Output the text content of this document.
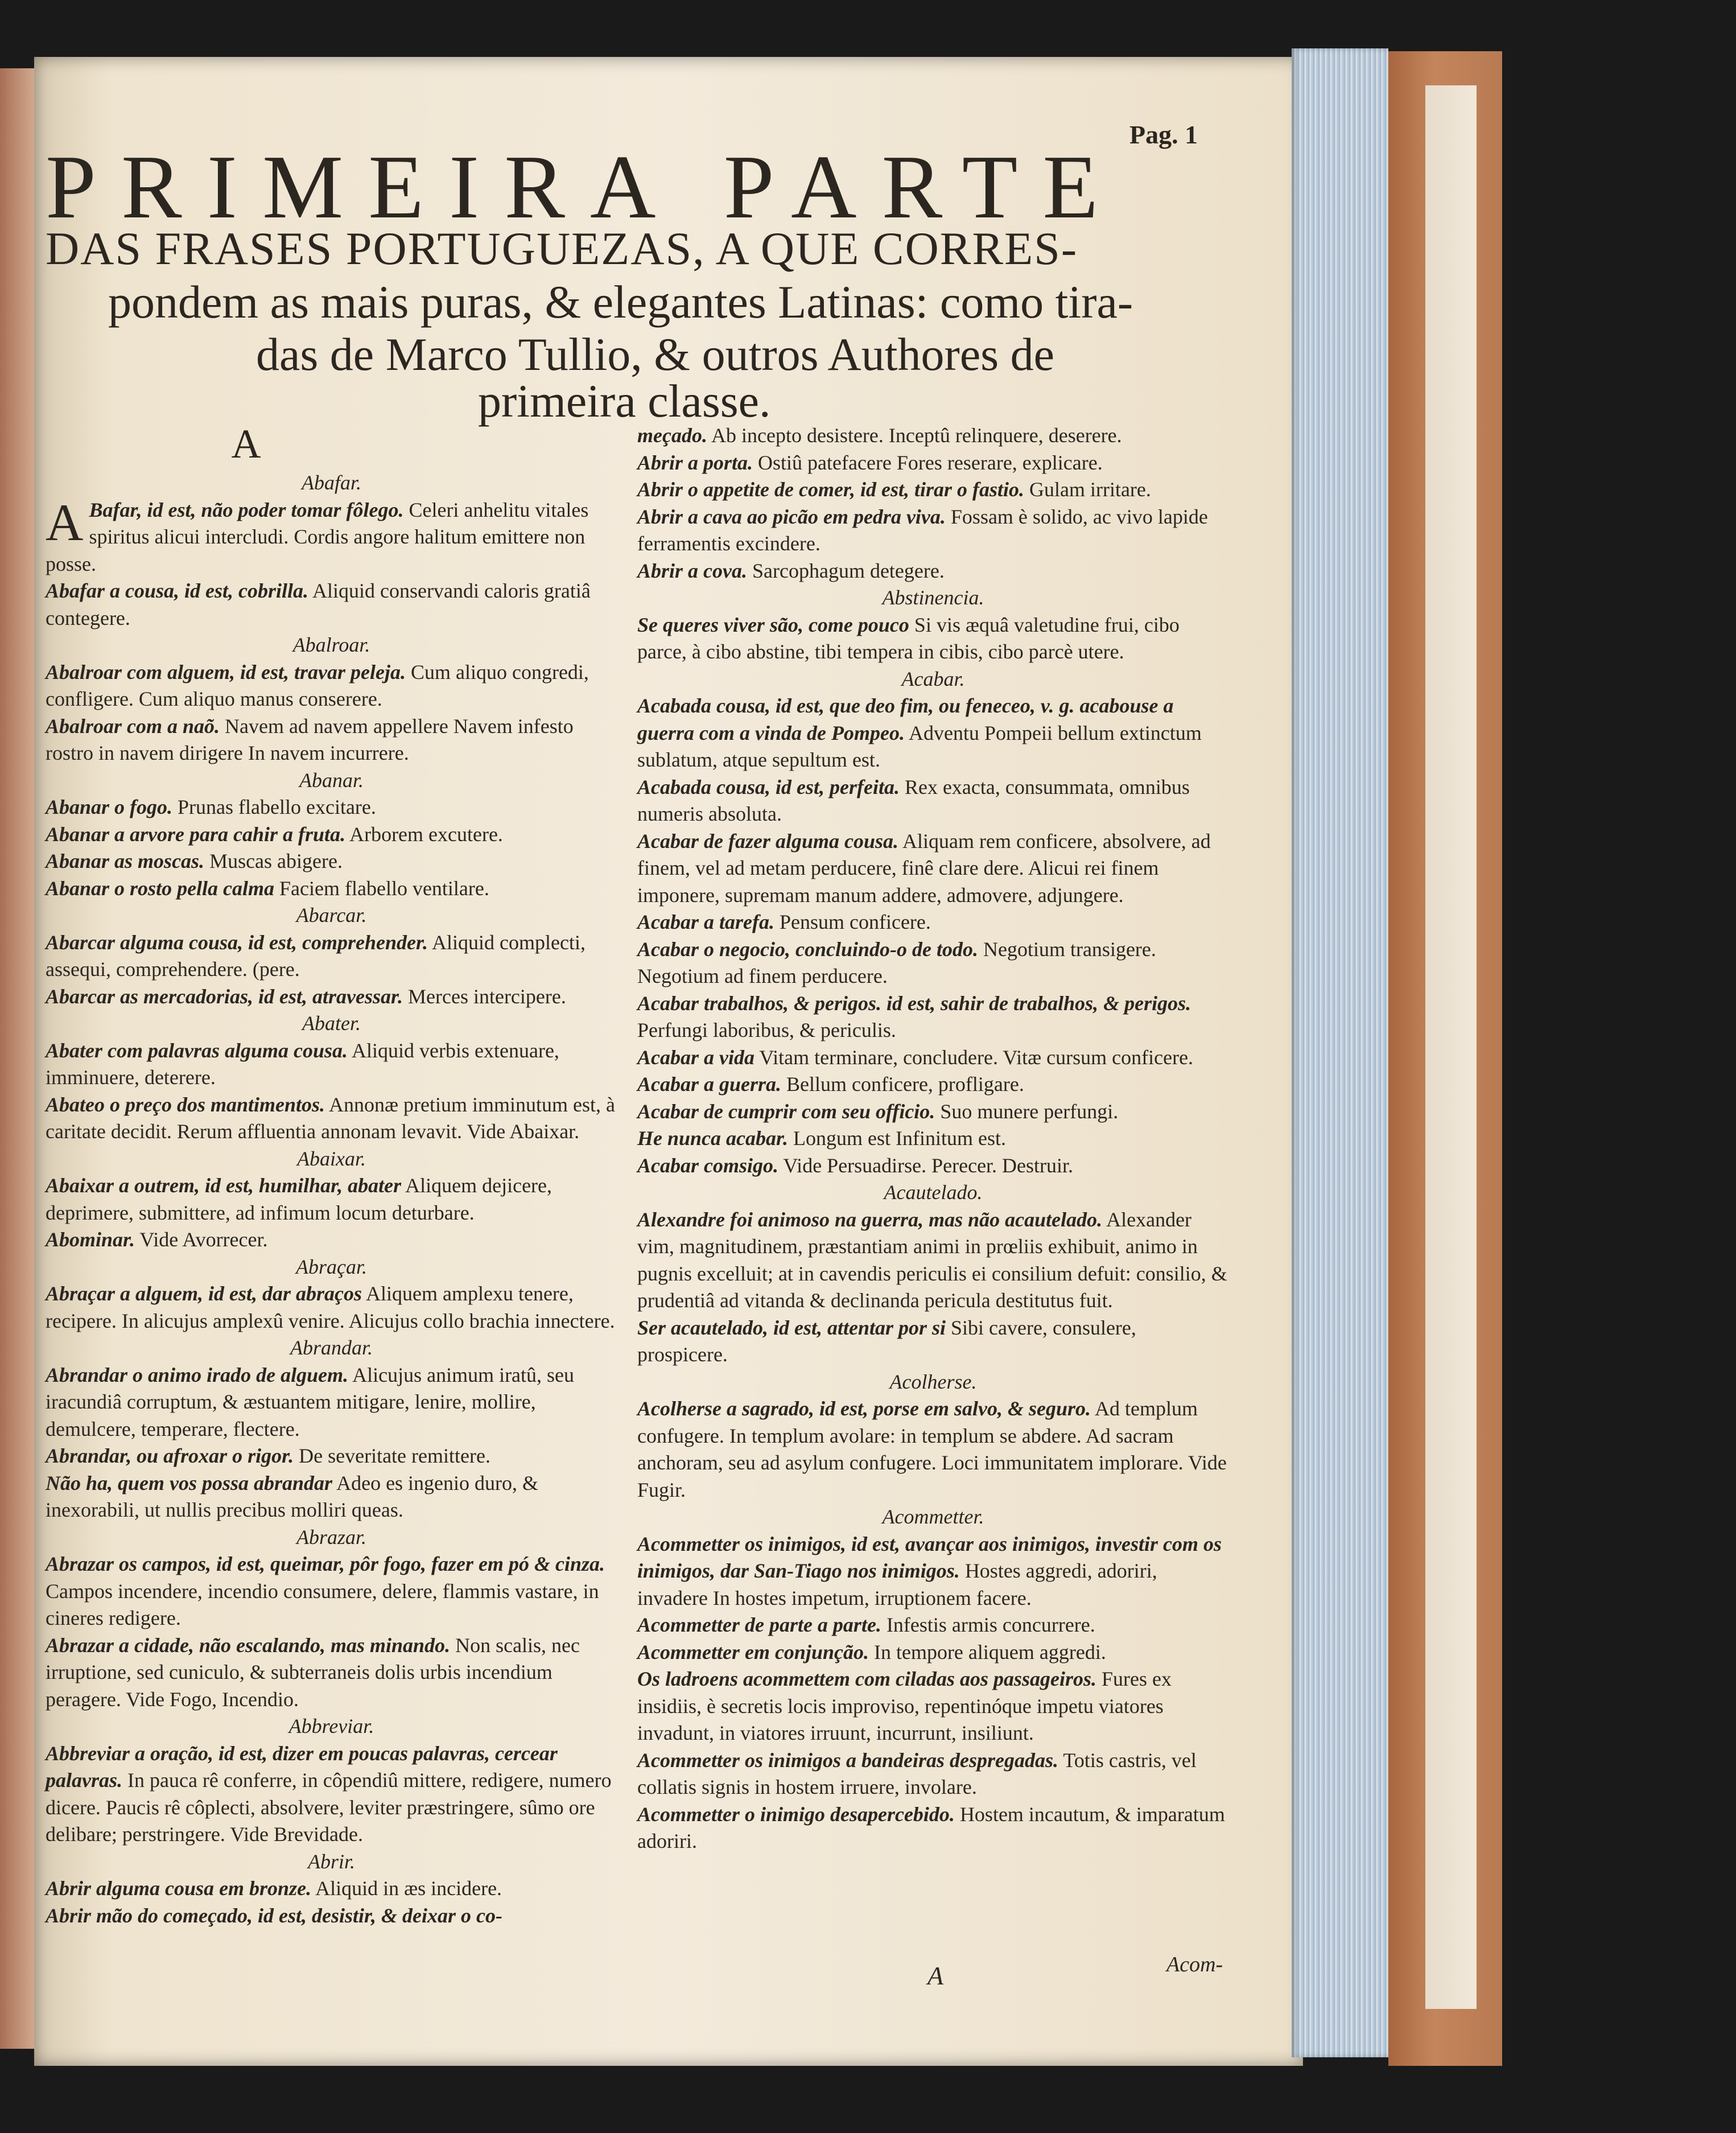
Pag. 1
PRIMEIRA PARTE
DAS FRASES PORTUGUEZAS, A QUE CORRES-
pondem as mais puras, & elegantes Latinas: como tira-
das de Marco Tullio, & outros Authores de
primeira classe.
A
Abafar.
A Bafar, id est, não poder tomar fôlego. Celeri anhelitu vitales spiritus alicui intercludi. Cordis angore halitum emittere non posse.
Abafar a cousa, id est, cobrilla. Aliquid conservandi caloris gratiâ contegere.
Abalroar.
Abalroar com alguem, id est, travar peleja. Cum aliquo congredi, confligere. Cum aliquo manus conserere.
Abalroar com a naõ. Navem ad navem appellere Navem infesto rostro in navem dirigere In navem incurrere.
Abanar.
Abanar o fogo. Prunas flabello excitare.
Abanar a arvore para cahir a fruta. Arborem excutere.
Abanar as moscas. Muscas abigere.
Abanar o rosto pella calma Faciem flabello ventilare.
Abarcar.
Abarcar alguma cousa, id est, comprehender. Aliquid complecti, assequi, comprehendere. (pere.
Abarcar as mercadorias, id est, atravessar. Merces intercipere.
Abater.
Abater com palavras alguma cousa. Aliquid verbis extenuare, imminuere, deterere.
Abateo o preço dos mantimentos. Annonæ pretium imminutum est, à caritate decidit. Rerum affluentia annonam levavit. Vide Abaixar.
Abaixar.
Abaixar a outrem, id est, humilhar, abater Aliquem dejicere, deprimere, submittere, ad infimum locum deturbare.
Abominar. Vide Avorrecer.
Abraçar.
Abraçar a alguem, id est, dar abraços Aliquem amplexu tenere, recipere. In alicujus amplexû venire. Alicujus collo brachia innectere.
Abrandar.
Abrandar o animo irado de alguem. Alicujus animum iratû, seu iracundiâ corruptum, & æstuantem mitigare, lenire, mollire, demulcere, temperare, flectere.
Abrandar, ou afroxar o rigor. De severitate remittere.
Não ha, quem vos possa abrandar Adeo es ingenio duro, & inexorabili, ut nullis precibus molliri queas.
Abrazar.
Abrazar os campos, id est, queimar, pôr fogo, fazer em pó & cinza. Campos incendere, incendio consumere, delere, flammis vastare, in cineres redigere.
Abrazar a cidade, não escalando, mas minando. Non scalis, nec irruptione, sed cuniculo, & subterraneis dolis urbis incendium peragere. Vide Fogo, Incendio.
Abbreviar.
Abbreviar a oração, id est, dizer em poucas palavras, cercear palavras. In pauca rê conferre, in côpendiû mittere, redigere, numero dicere. Paucis rê côplecti, absolvere, leviter præstringere, sûmo ore delibare; perstringere. Vide Brevidade.
Abrir.
Abrir alguma cousa em bronze. Aliquid in æs incidere.
Abrir mão do começado, id est, desistir, & deixar o co-
meçado. Ab incepto desistere. Inceptû relinquere, deserere.
Abrir a porta. Ostiû patefacere Fores reserare, explicare.
Abrir o appetite de comer, id est, tirar o fastio. Gulam irritare.
Abrir a cava ao picão em pedra viva. Fossam è solido, ac vivo lapide ferramentis excindere.
Abrir a cova. Sarcophagum detegere.
Abstinencia.
Se queres viver são, come pouco Si vis æquâ valetudine frui, cibo parce, à cibo abstine, tibi tempera in cibis, cibo parcè utere.
Acabar.
Acabada cousa, id est, que deo fim, ou feneceo, v. g. acabouse a guerra com a vinda de Pompeo. Adventu Pompeii bellum extinctum sublatum, atque sepultum est.
Acabada cousa, id est, perfeita. Rex exacta, consummata, omnibus numeris absoluta.
Acabar de fazer alguma cousa. Aliquam rem conficere, absolvere, ad finem, vel ad metam perducere, finê clare dere. Alicui rei finem imponere, supremam manum addere, admovere, adjungere.
Acabar a tarefa. Pensum conficere.
Acabar o negocio, concluindo-o de todo. Negotium transigere. Negotium ad finem perducere.
Acabar trabalhos, & perigos. id est, sahir de trabalhos, & perigos. Perfungi laboribus, & periculis.
Acabar a vida Vitam terminare, concludere. Vitæ cursum conficere.
Acabar a guerra. Bellum conficere, profligare.
Acabar de cumprir com seu officio. Suo munere perfungi.
He nunca acabar. Longum est Infinitum est.
Acabar comsigo. Vide Persuadirse. Perecer. Destruir.
Acautelado.
Alexandre foi animoso na guerra, mas não acautelado. Alexander vim, magnitudinem, præstantiam animi in prœliis exhibuit, animo in pugnis excelluit; at in cavendis periculis ei consilium defuit: consilio, & prudentiâ ad vitanda & declinanda pericula destitutus fuit.
Ser acautelado, id est, attentar por si Sibi cavere, consulere, prospicere.
Acolherse.
Acolherse a sagrado, id est, porse em salvo, & seguro. Ad templum confugere. In templum avolare: in templum se abdere. Ad sacram anchoram, seu ad asylum confugere. Loci immunitatem implorare. Vide Fugir.
Acommetter.
Acommetter os inimigos, id est, avançar aos inimigos, investir com os inimigos, dar San-Tiago nos inimigos. Hostes aggredi, adoriri, invadere In hostes impetum, irruptionem facere.
Acommetter de parte a parte. Infestis armis concurrere.
Acommetter em conjunção. In tempore aliquem aggredi.
Os ladroens acommettem com ciladas aos passageiros. Fures ex insidiis, è secretis locis improviso, repentinóque impetu viatores invadunt, in viatores irruunt, incurrunt, insiliunt.
Acommetter os inimigos a bandeiras despregadas. Totis castris, vel collatis signis in hostem irruere, involare.
Acommetter o inimigo desapercebido. Hostem incautum, & imparatum adoriri.
A	Acom-
